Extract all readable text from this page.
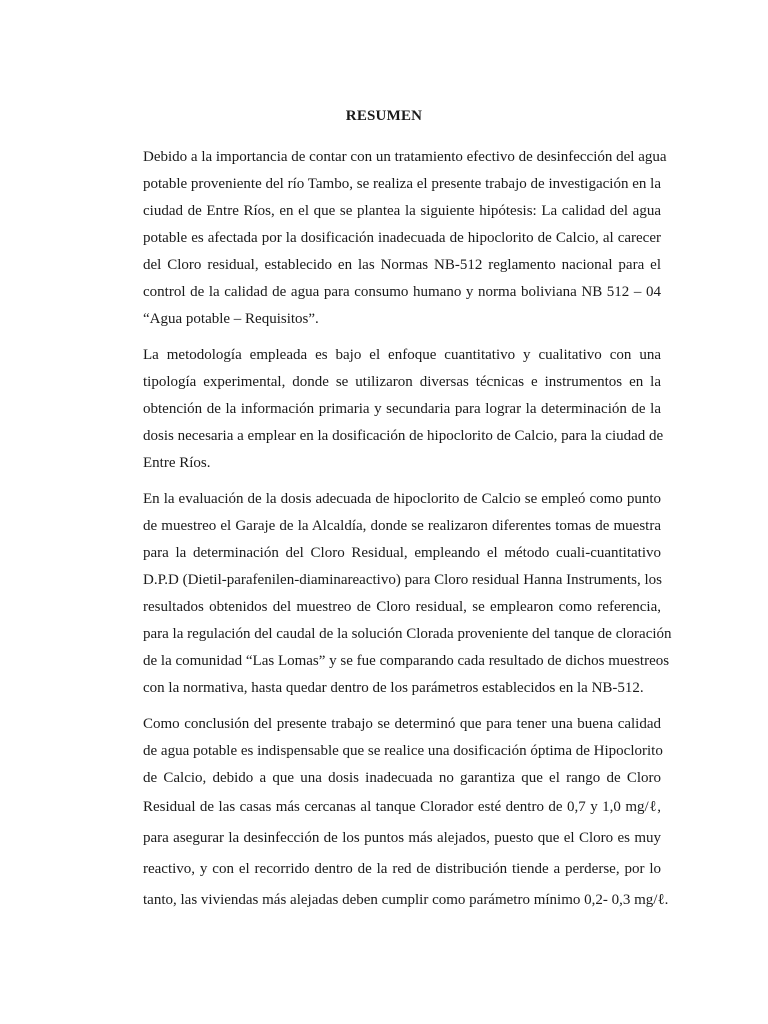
RESUMEN
Debido a la importancia de contar con un tratamiento efectivo de desinfección del agua
potable proveniente del río Tambo, se realiza el presente trabajo de investigación en la
ciudad de Entre Ríos, en el que se plantea la siguiente hipótesis: La calidad del agua
potable es afectada por la dosificación inadecuada de hipoclorito de Calcio, al carecer
del Cloro residual, establecido en las Normas NB-512 reglamento nacional para el
control de la calidad de agua para consumo humano y norma boliviana NB 512 – 04
“Agua potable – Requisitos”.
La metodología empleada es bajo el enfoque cuantitativo y cualitativo con una
tipología experimental, donde se utilizaron diversas técnicas e instrumentos en la
obtención de la información primaria y secundaria para lograr la determinación de la
dosis necesaria a emplear en la dosificación de hipoclorito de Calcio, para la ciudad de
Entre Ríos.
En la evaluación de la dosis adecuada de hipoclorito de Calcio se empleó como punto
de muestreo el Garaje de la Alcaldía, donde se realizaron diferentes tomas de muestra
para la determinación del Cloro Residual, empleando el método cuali-cuantitativo
D.P.D (Dietil-parafenilen-diaminareactivo) para Cloro residual Hanna Instruments, los
resultados obtenidos del muestreo de Cloro residual, se emplearon como referencia,
para la regulación del caudal de la solución Clorada proveniente del tanque de cloración
de la comunidad “Las Lomas” y se fue comparando cada resultado de dichos muestreos
con la normativa, hasta quedar dentro de los parámetros establecidos en la NB-512.
Como conclusión del presente trabajo se determinó que para tener una buena calidad
de agua potable es indispensable que se realice una dosificación óptima de Hipoclorito
de Calcio, debido a que una dosis inadecuada no garantiza que el rango de Cloro
Residual de las casas más cercanas al tanque Clorador esté dentro de 0,7 y 1,0 mg/ℓ,
para asegurar la desinfección de los puntos más alejados, puesto que el Cloro es muy
reactivo, y con el recorrido dentro de la red de distribución tiende a perderse, por lo
tanto, las viviendas más alejadas deben cumplir como parámetro mínimo 0,2- 0,3 mg/ℓ.
